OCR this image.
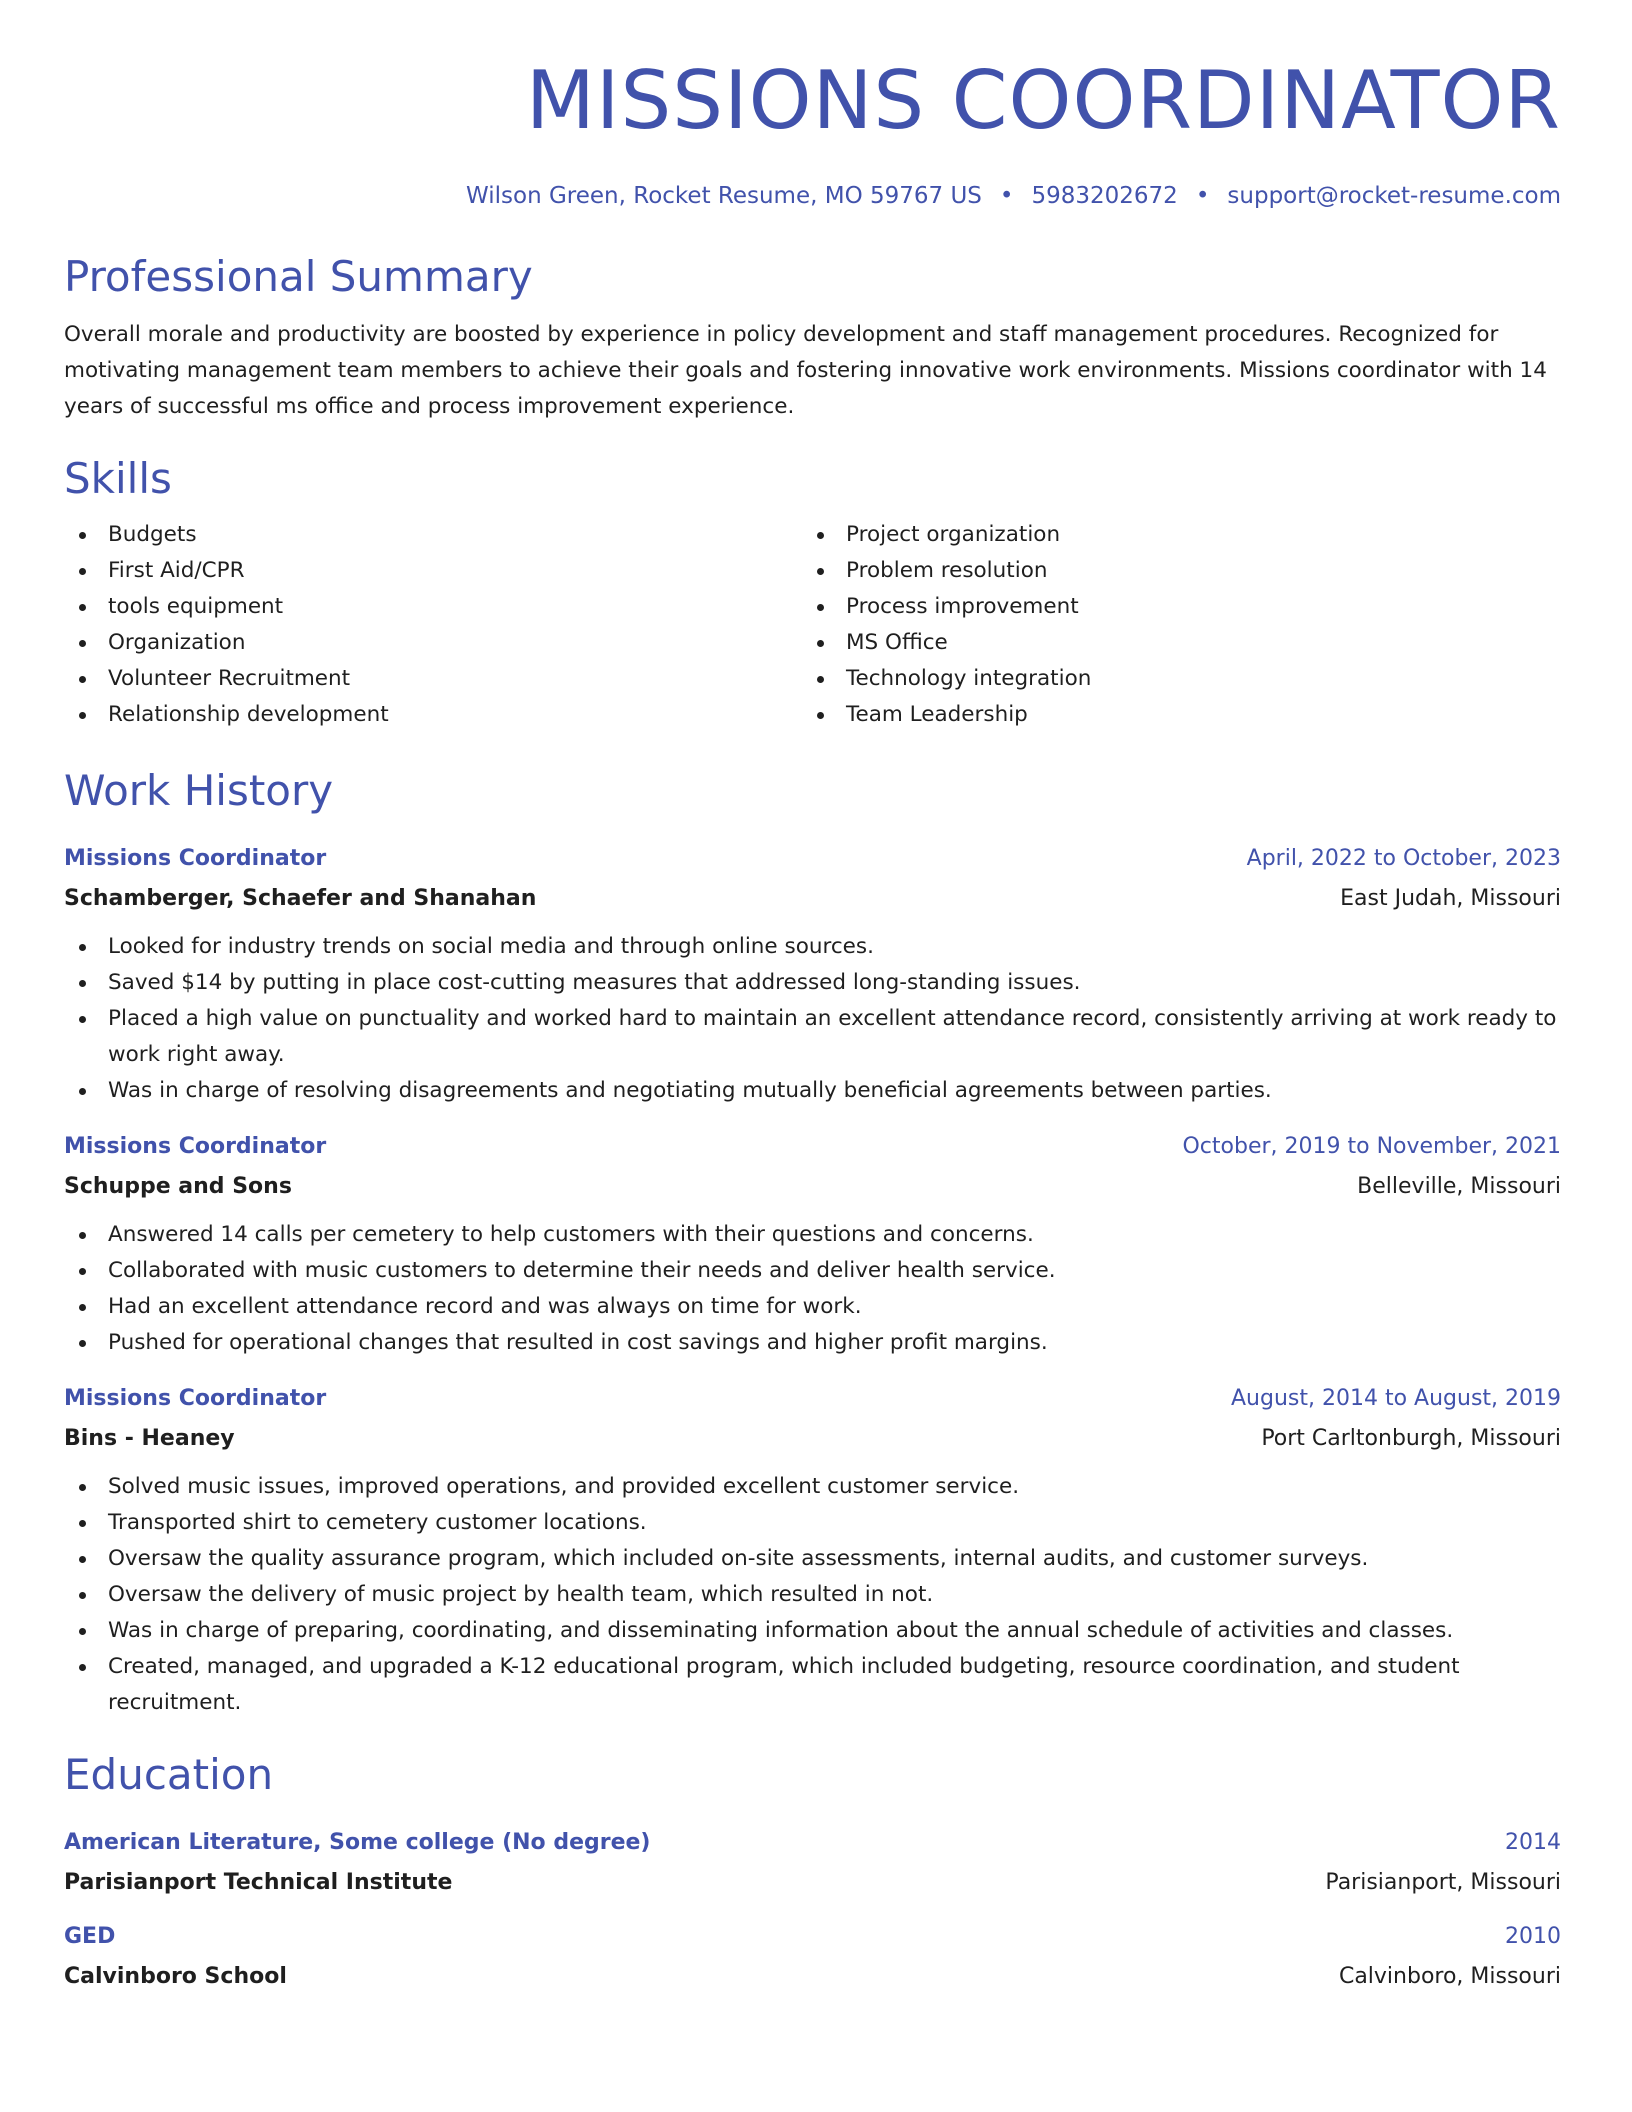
MISSIONS COORDINATOR
Wilson Green, Rocket Resume, MO 59767 US • 5983202672 • support@rocket-resume.com
Professional Summary
Overall morale and productivity are boosted by experience in policy development and staff management procedures. Recognized for motivating management team members to achieve their goals and fostering innovative work environments. Missions coordinator with 14 years of successful ms office and process improvement experience.
Skills
Budgets
First Aid/CPR
tools equipment
Organization
Volunteer Recruitment
Relationship development
Project organization
Problem resolution
Process improvement
MS Office
Technology integration
Team Leadership
Work History
Missions Coordinator	April, 2022 to October, 2023
Schamberger, Schaefer and Shanahan	East Judah, Missouri
Looked for industry trends on social media and through online sources.
Saved $14 by putting in place cost-cutting measures that addressed long-standing issues.
Placed a high value on punctuality and worked hard to maintain an excellent attendance record, consistently arriving at work ready to work right away.
Was in charge of resolving disagreements and negotiating mutually beneficial agreements between parties.
Missions Coordinator	October, 2019 to November, 2021
Schuppe and Sons	Belleville, Missouri
Answered 14 calls per cemetery to help customers with their questions and concerns.
Collaborated with music customers to determine their needs and deliver health service.
Had an excellent attendance record and was always on time for work.
Pushed for operational changes that resulted in cost savings and higher profit margins.
Missions Coordinator	August, 2014 to August, 2019
Bins - Heaney	Port Carltonburgh, Missouri
Solved music issues, improved operations, and provided excellent customer service.
Transported shirt to cemetery customer locations.
Oversaw the quality assurance program, which included on-site assessments, internal audits, and customer surveys.
Oversaw the delivery of music project by health team, which resulted in not.
Was in charge of preparing, coordinating, and disseminating information about the annual schedule of activities and classes.
Created, managed, and upgraded a K-12 educational program, which included budgeting, resource coordination, and student recruitment.
Education
American Literature, Some college (No degree)	2014
Parisianport Technical Institute	Parisianport, Missouri
GED	2010
Calvinboro School	Calvinboro, Missouri
